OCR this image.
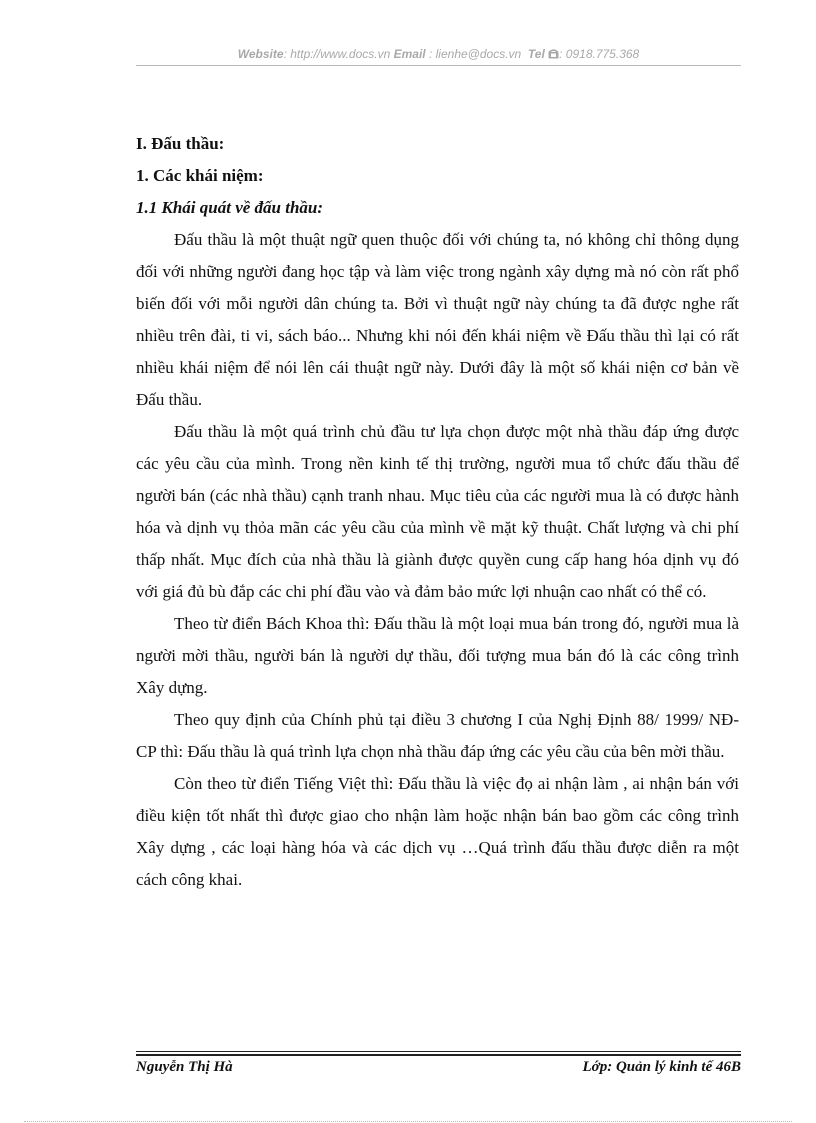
Website: http://www.docs.vn Email : lienhe@docs.vn Tel : 0918.775.368
I. Đấu thầu:
1. Các khái niệm:
1.1 Khái quát về đấu thầu:

Đấu thầu là một thuật ngữ quen thuộc đối với chúng ta, nó không chỉ thông dụng đối với những người đang học tập và làm việc trong ngành xây dựng mà nó còn rất phổ biến đối với mỗi người dân chúng ta. Bởi vì thuật ngữ này chúng ta đã được nghe rất nhiều trên đài, ti vi, sách báo... Nhưng khi nói đến khái niệm về Đấu thầu thì lại có rất nhiều khái niệm để nói lên cái thuật ngữ này. Dưới đây là một số khái niện cơ bản về Đấu thầu.

Đấu thầu là một quá trình chủ đầu tư lựa chọn được một nhà thầu đáp ứng được các yêu cầu của mình. Trong nền kinh tế thị trường, người mua tổ chức đấu thầu để người bán (các nhà thầu) cạnh tranh nhau. Mục tiêu của các người mua là có được hành hóa và dịnh vụ thỏa mãn các yêu cầu của mình về mặt kỹ thuật. Chất lượng và chi phí thấp nhất. Mục đích của nhà thầu là giành được quyền cung cấp hang hóa dịnh vụ đó với giá đủ bù đắp các chi phí đầu vào và đảm bảo mức lợi nhuận cao nhất có thể có.

Theo từ điển Bách Khoa thì: Đấu thầu là một loại mua bán trong đó, người mua là người mời thầu, người bán là người dự thầu, đối tượng mua bán đó là các công trình Xây dựng.

Theo quy định của Chính phủ tại điều 3 chương I của Nghị Định 88/ 1999/ NĐ- CP thì: Đấu thầu là quá trình lựa chọn nhà thầu đáp ứng các yêu cầu của bên mời thầu.

Còn theo từ điển Tiếng Việt thì: Đấu thầu là việc đọ ai nhận làm , ai nhận bán với điều kiện tốt nhất thì được giao cho nhận làm hoặc nhận bán bao gồm các công trình Xây dựng , các loại hàng hóa và các dịch vụ …Quá trình đấu thầu được diễn ra một cách công khai.

Nguyễn Thị Hà	Lớp: Quản lý kinh tế 46B
